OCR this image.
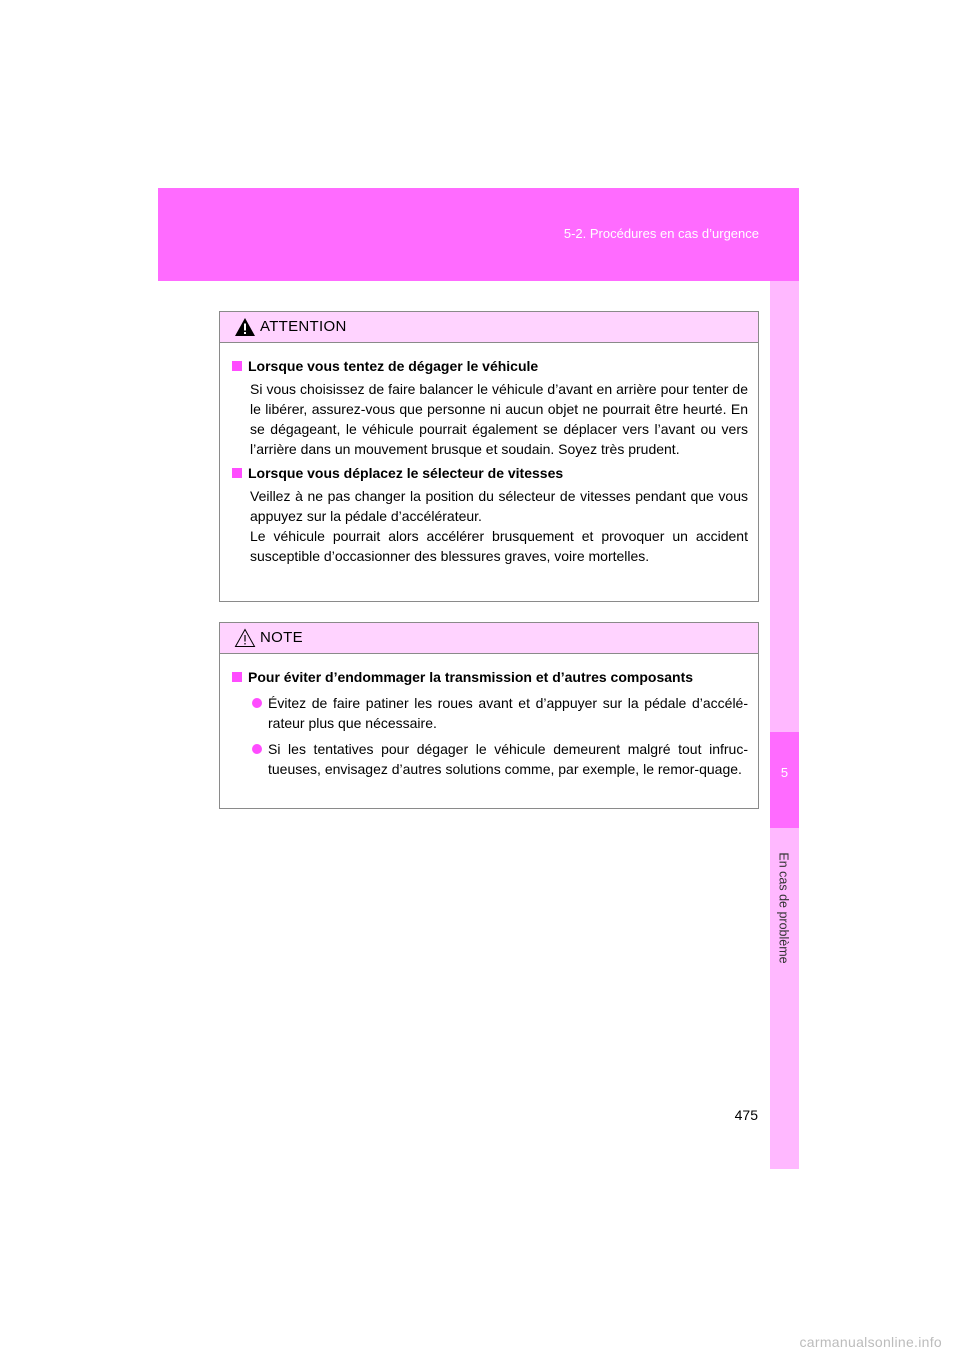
5-2. Procédures en cas d’urgence
5
En cas de problème
ATTENTION
Lorsque vous tentez de dégager le véhicule
Si vous choisissez de faire balancer le véhicule d’avant en arrière pour tenter de le libérer, assurez-vous que personne ni aucun objet ne pourrait être heurté. En se dégageant, le véhicule pourrait également se déplacer vers l’avant ou vers l’arrière dans un mouvement brusque et soudain. Soyez très prudent.
Lorsque vous déplacez le sélecteur de vitesses
Veillez à ne pas changer la position du sélecteur de vitesses pendant que vous appuyez sur la pédale d’accélérateur.
Le véhicule pourrait alors accélérer brusquement et provoquer un accident susceptible d’occasionner des blessures graves, voire mortelles.
NOTE
Pour éviter d’endommager la transmission et d’autres composants
Évitez de faire patiner les roues avant et d’appuyer sur la pédale d’accélé-rateur plus que nécessaire.
Si les tentatives pour dégager le véhicule demeurent malgré tout infruc-tueuses, envisagez d’autres solutions comme, par exemple, le remor-quage.
475
carmanualsonline.info
